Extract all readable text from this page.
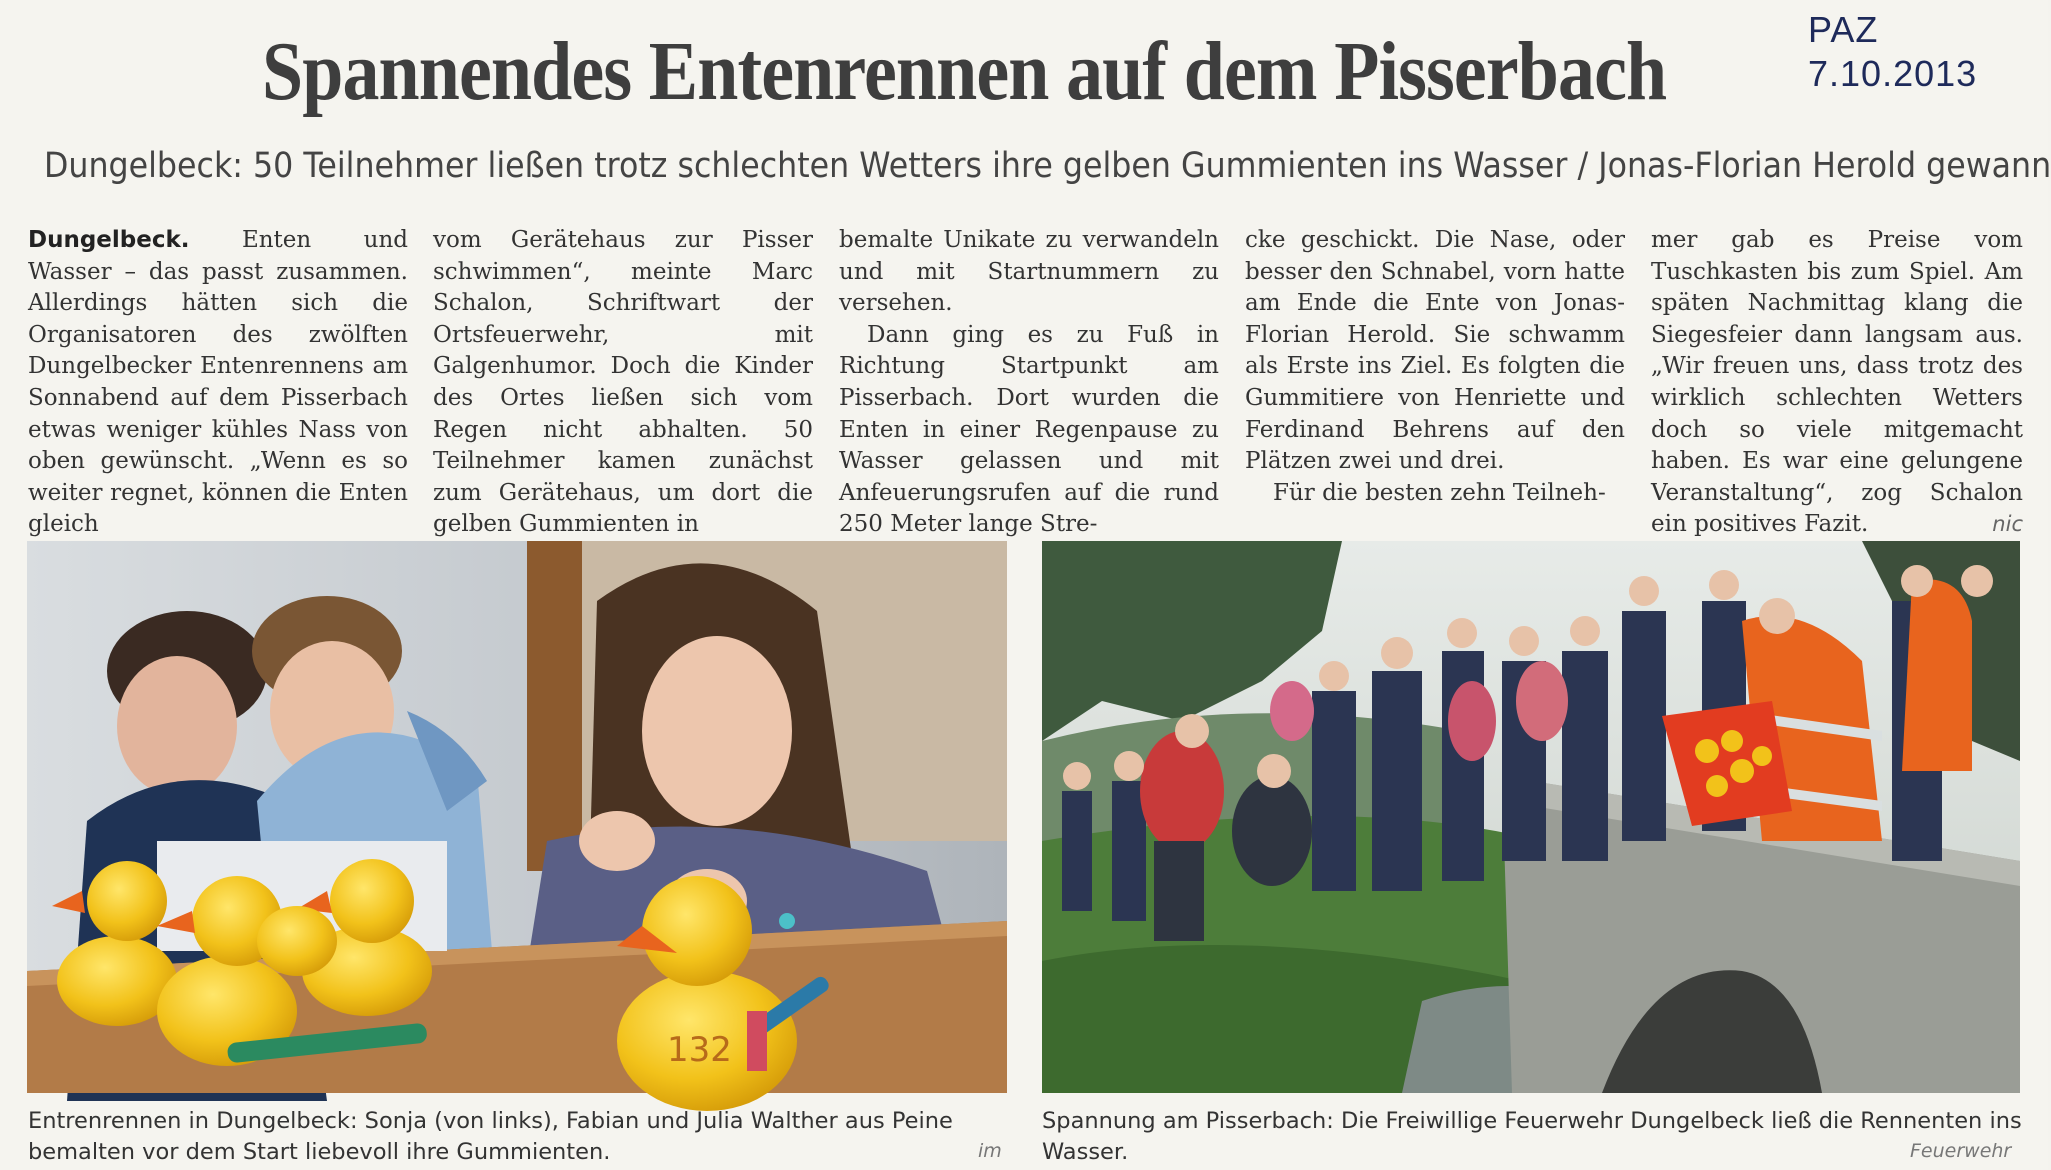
PAZ
7.10.2013
Spannendes Entenrennen auf dem Pisserbach
Dungelbeck: 50 Teilnehmer ließen trotz schlechten Wetters ihre gelben Gummienten ins Wasser / Jonas-Florian Herold gewann

Dungelbeck. Enten und Wasser – das passt zusammen. Allerdings hätten sich die Organisatoren des zwölften Dungelbecker Entenrennens am Sonnabend auf dem Pisserbach etwas weniger kühles Nass von oben gewünscht. „Wenn es so weiter regnet, können die Enten gleich

vom Gerätehaus zur Pisser schwimmen“, meinte Marc Schalon, Schriftwart der Ortsfeuerwehr, mit Galgenhumor. Doch die Kinder des Ortes ließen sich vom Regen nicht abhalten. 50 Teilnehmer kamen zunächst zum Gerätehaus, um dort die gelben Gummienten in

bemalte Unikate zu verwandeln und mit Startnummern zu versehen.

Dann ging es zu Fuß in Richtung Startpunkt am Pisserbach. Dort wurden die Enten in einer Regenpause zu Wasser gelassen und mit Anfeuerungsrufen auf die rund 250 Meter lange Stre-

cke geschickt. Die Nase, oder besser den Schnabel, vorn hatte am Ende die Ente von Jonas-Florian Herold. Sie schwamm als Erste ins Ziel. Es folgten die Gummitiere von Henriette und Ferdinand Behrens auf den Plätzen zwei und drei.

Für die besten zehn Teilneh-

mer gab es Preise vom Tuschkasten bis zum Spiel. Am späten Nachmittag klang die Siegesfeier dann langsam aus. „Wir freuen uns, dass trotz des wirklich schlechten Wetters doch so viele mitgemacht haben. Es war eine gelungene Veranstaltung“, zog Schalon ein positives Fazit.	nic

132
Entrenrennen in Dungelbeck: Sonja (von links), Fabian und Julia Walther aus Peine bemalten vor dem Start liebevoll ihre Gummienten.	im
Spannung am Pisserbach: Die Freiwillige Feuerwehr Dungelbeck ließ die Rennenten ins Wasser.	Feuerwehr
